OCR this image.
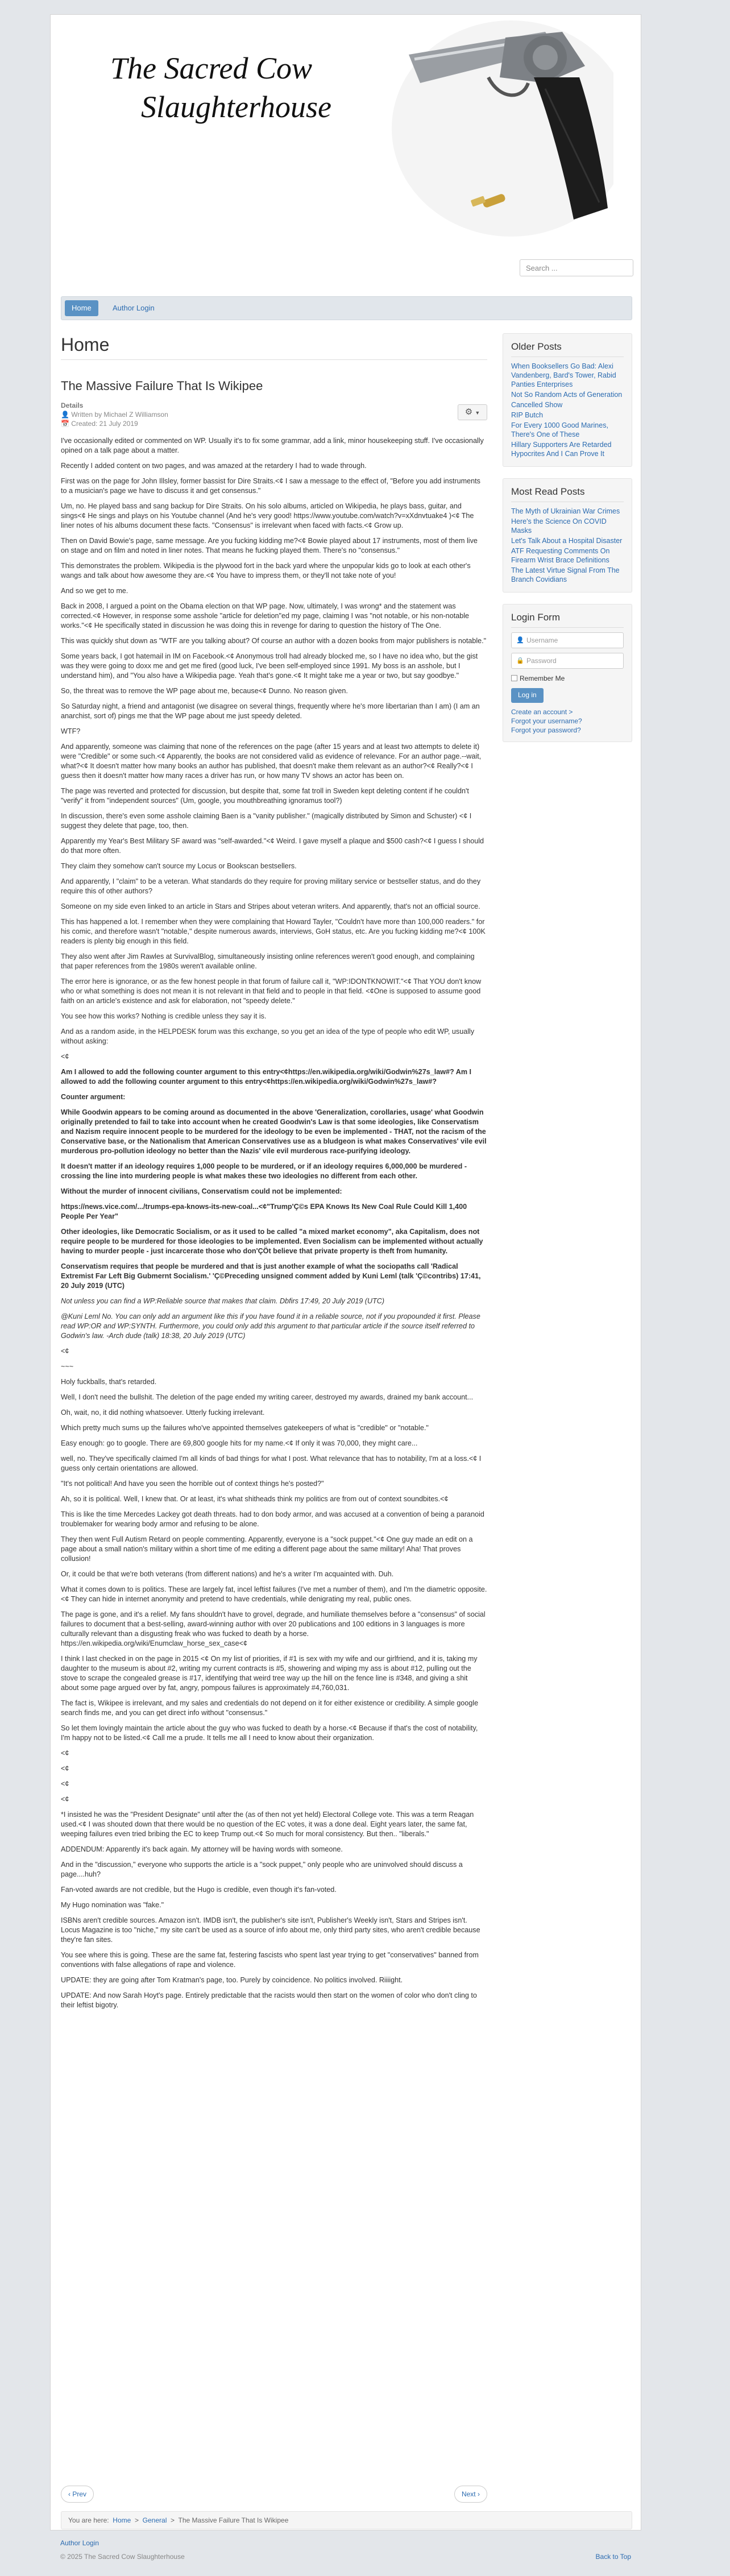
The Sacred Cow
Slaughterhouse
Search ...
Home	Author Login
Home
The Massive Failure That Is Wikipee
Details
👤 Written by Michael Z Williamson
📅 Created: 21 July 2019
⚙ ▼

I've occasionally edited or commented on WP. Usually it's to fix some grammar, add a link, minor housekeeping stuff. I've occasionally opined on a talk page about a matter.

Recently I added content on two pages, and was amazed at the retardery I had to wade through.

First was on the page for John Illsley, former bassist for Dire Straits.<¢ I saw a message to the effect of, "Before you add instruments to a musician's page we have to discuss it and get consensus."

Um, no. He played bass and sang backup for Dire Straits. On his solo albums, articled on Wikipedia, he plays bass, guitar, and sings<¢ He sings and plays on his Youtube channel (And he's very good! https://www.youtube.com/watch?v=xXdnvtuake4 )<¢ The liner notes of his albums document these facts. "Consensus" is irrelevant when faced with facts.<¢ Grow up.

Then on David Bowie's page, same message. Are you fucking kidding me?<¢ Bowie played about 17 instruments, most of them live on stage and on film and noted in liner notes. That means he fucking played them. There's no "consensus."

This demonstrates the problem. Wikipedia is the plywood fort in the back yard where the unpopular kids go to look at each other's wangs and talk about how awesome they are.<¢ You have to impress them, or they'll not take note of you!

And so we get to me.

Back in 2008, I argued a point on the Obama election on that WP page. Now, ultimately, I was wrong* and the statement was corrected.<¢ However, in response some asshole "article for deletion"ed my page, claiming I was "not notable, or his non-notable works."<¢ He specifically stated in discussion he was doing this in revenge for daring to question the history of The One.

This was quickly shut down as "WTF are you talking about? Of course an author with a dozen books from major publishers is notable."

Some years back, I got hatemail in IM on Facebook.<¢ Anonymous troll had already blocked me, so I have no idea who, but the gist was they were going to doxx me and get me fired (good luck, I've been self-employed since 1991. My boss is an asshole, but I understand him), and "You also have a Wikipedia page. Yeah that's gone.<¢ It might take me a year or two, but say goodbye."

So, the threat was to remove the WP page about me, because<¢ Dunno. No reason given.

So Saturday night, a friend and antagonist (we disagree on several things, frequently where he's more libertarian than I am) (I am an anarchist, sort of) pings me that the WP page about me just speedy deleted.

WTF?

And apparently, someone was claiming that none of the references on the page (after 15 years and at least two attempts to delete it) were "Credible" or some such.<¢ Apparently, the books are not considered valid as evidence of relevance. For an author page.--wait, what?<¢ It doesn't matter how many books an author has published, that doesn't make them relevant as an author?<¢ Really?<¢ I guess then it doesn't matter how many races a driver has run, or how many TV shows an actor has been on.

The page was reverted and protected for discussion, but despite that, some fat troll in Sweden kept deleting content if he couldn't "verify" it from "independent sources" (Um, google, you mouthbreathing ignoramus tool?)

In discussion, there's even some asshole claiming Baen is a "vanity publisher." (magically distributed by Simon and Schuster) <¢ I suggest they delete that page, too, then.

Apparently my Year's Best Military SF award was "self-awarded."<¢ Weird. I gave myself a plaque and $500 cash?<¢ I guess I should do that more often.

They claim they somehow can't source my Locus or Bookscan bestsellers.

And apparently, I "claim" to be a veteran. What standards do they require for proving military service or bestseller status, and do they require this of other authors?

Someone on my side even linked to an article in Stars and Stripes about veteran writers. And apparently, that's not an official source.

This has happened a lot. I remember when they were complaining that Howard Tayler, "Couldn't have more than 100,000 readers." for his comic, and therefore wasn't "notable," despite numerous awards, interviews, GoH status, etc. Are you fucking kidding me?<¢ 100K readers is plenty big enough in this field.

They also went after Jim Rawles at SurvivalBlog, simultaneously insisting online references weren't good enough, and complaining that paper references from the 1980s weren't available online.

The error here is ignorance, or as the few honest people in that forum of failure call it, "WP:IDONTKNOWIT."<¢ That YOU don't know who or what something is does not mean it is not relevant in that field and to people in that field. <¢One is supposed to assume good faith on an article's existence and ask for elaboration, not "speedy delete."

You see how this works? Nothing is credible unless they say it is.

And as a random aside, in the HELPDESK forum was this exchange, so you get an idea of the type of people who edit WP, usually without asking:

<¢

Am I allowed to add the following counter argument to this entry<¢https://en.wikipedia.org/wiki/Godwin%27s_law#? Am I allowed to add the following counter argument to this entry<¢https://en.wikipedia.org/wiki/Godwin%27s_law#?

Counter argument:

While Goodwin appears to be coming around as documented in the above 'Generalization, corollaries, usage' what Goodwin originally pretended to fail to take into account when he created Goodwin's Law is that some ideologies, like Conservatism and Nazism require innocent people to be murdered for the ideology to be even be implemented - THAT, not the racism of the Conservative base, or the Nationalism that American Conservatives use as a bludgeon is what makes Conservatives' vile evil murderous pro-pollution ideology no better than the Nazis' vile evil murderous race-purifying ideology.

It doesn't matter if an ideology requires 1,000 people to be murdered, or if an ideology requires 6,000,000 be murdered - crossing the line into murdering people is what makes these two ideologies no different from each other.

Without the murder of innocent civilians, Conservatism could not be implemented:

https://news.vice.com/.../trumps-epa-knows-its-new-coal...<¢"Trump'Ç©s EPA Knows Its New Coal Rule Could Kill 1,400 People Per Year"

Other ideologies, like Democratic Socialism, or as it used to be called "a mixed market economy", aka Capitalism, does not require people to be murdered for those ideologies to be implemented. Even Socialism can be implemented without actually having to murder people - just incarcerate those who don'ÇÖt believe that private property is theft from humanity.

Conservatism requires that people be murdered and that is just another example of what the sociopaths call 'Radical Extremist Far Left Big Gubmernt Socialism.' 'Ç©Preceding unsigned comment added by Kuni Leml (talk 'Ç©contribs) 17:41, 20 July 2019 (UTC)

Not unless you can find a WP:Reliable source that makes that claim. Dbfirs 17:49, 20 July 2019 (UTC)

@Kuni Leml No. You can only add an argument like this if you have found it in a reliable source, not if you propounded it first. Please read WP:OR and WP:SYNTH. Furthermore, you could only add this argument to that particular article if the source itself referred to Godwin's law. -Arch dude (talk) 18:38, 20 July 2019 (UTC)

<¢

~~~

Holy fuckballs, that's retarded.

Well, I don't need the bullshit. The deletion of the page ended my writing career, destroyed my awards, drained my bank account...

Oh, wait, no, it did nothing whatsoever. Utterly fucking irrelevant.

Which pretty much sums up the failures who've appointed themselves gatekeepers of what is "credible" or "notable."

Easy enough: go to google. There are 69,800 google hits for my name.<¢ If only it was 70,000, they might care...

well, no. They've specifically claimed I'm all kinds of bad things for what I post. What relevance that has to notability, I'm at a loss.<¢ I guess only certain orientations are allowed.

"It's not political! And have you seen the horrible out of context things he's posted?"

Ah, so it is political. Well, I knew that. Or at least, it's what shitheads think my politics are from out of context soundbites.<¢

This is like the time Mercedes Lackey got death threats. had to don body armor, and was accused at a convention of being a paranoid troublemaker for wearing body armor and refusing to be alone.

They then went Full Autism Retard on people commenting. Apparently, everyone is a "sock puppet."<¢ One guy made an edit on a page about a small nation's military within a short time of me editing a different page about the same military! Aha! That proves collusion!

Or, it could be that we're both veterans (from different nations) and he's a writer I'm acquainted with. Duh.

What it comes down to is politics. These are largely fat, incel leftist failures (I've met a number of them), and I'm the diametric opposite.<¢ They can hide in internet anonymity and pretend to have credentials, while denigrating my real, public ones.

The page is gone, and it's a relief. My fans shouldn't have to grovel, degrade, and humiliate themselves before a "consensus" of social failures to document that a best-selling, award-winning author with over 20 publications and 100 editions in 3 languages is more culturally relevant than a disgusting freak who was fucked to death by a horse. https://en.wikipedia.org/wiki/Enumclaw_horse_sex_case<¢

I think I last checked in on the page in 2015 <¢ On my list of priorities, if #1 is sex with my wife and our girlfriend, and it is, taking my daughter to the museum is about #2, writing my current contracts is #5, showering and wiping my ass is about #12, pulling out the stove to scrape the congealed grease is #17, identifying that weird tree way up the hill on the fence line is #348, and giving a shit about some page argued over by fat, angry, pompous failures is approximately #4,760,031.

The fact is, Wikipee is irrelevant, and my sales and credentials do not depend on it for either existence or credibility. A simple google search finds me, and you can get direct info without "consensus."

So let them lovingly maintain the article about the guy who was fucked to death by a horse.<¢ Because if that's the cost of notability, I'm happy not to be listed.<¢ Call me a prude. It tells me all I need to know about their organization.

<¢

<¢

<¢

<¢

*I insisted he was the "President Designate" until after the (as of then not yet held) Electoral College vote. This was a term Reagan used.<¢ I was shouted down that there would be no question of the EC votes, it was a done deal. Eight years later, the same fat, weeping failures even tried bribing the EC to keep Trump out.<¢ So much for moral consistency. But then.. "liberals."

ADDENDUM: Apparently it's back again. My attorney will be having words with someone.

And in the "discussion," everyone who supports the article is a "sock puppet," only people who are uninvolved should discuss a page....huh?

Fan-voted awards are not credible, but the Hugo is credible, even though it's fan-voted.

My Hugo nomination was "fake."

ISBNs aren't credible sources. Amazon isn't. IMDB isn't, the publisher's site isn't, Publisher's Weekly isn't, Stars and Stripes isn't. Locus Magazine is too "niche," my site can't be used as a source of info about me, only third party sites, who aren't credible because they're fan sites.

You see where this is going. These are the same fat, festering fascists who spent last year trying to get "conservatives" banned from conventions with false allegations of rape and violence.

UPDATE: they are going after Tom Kratman's page, too. Purely by coincidence. No politics involved. Riiiight.

UPDATE: And now Sarah Hoyt's page. Entirely predictable that the racists would then start on the women of color who don't cling to their leftist bigotry.

‹ Prev	Next ›
You are here: Home > General > The Massive Failure That Is Wikipee
Older Posts
When Booksellers Go Bad: Alexi Vandenberg, Bard's Tower, Rabid Panties Enterprises
Not So Random Acts of Generation
Cancelled Show
RIP Butch
For Every 1000 Good Marines, There's One of These
Hillary Supporters Are Retarded Hypocrites And I Can Prove It
Most Read Posts
The Myth of Ukrainian War Crimes
Here's the Science On COVID Masks
Let's Talk About a Hospital Disaster
ATF Requesting Comments On Firearm Wrist Brace Definitions
The Latest Virtue Signal From The Branch Covidians
Login Form
👤 Username
🔒 Password
Remember Me
Log in
Create an account >
Forgot your username?
Forgot your password?
Author Login
© 2025 The Sacred Cow Slaughterhouse	Back to Top
